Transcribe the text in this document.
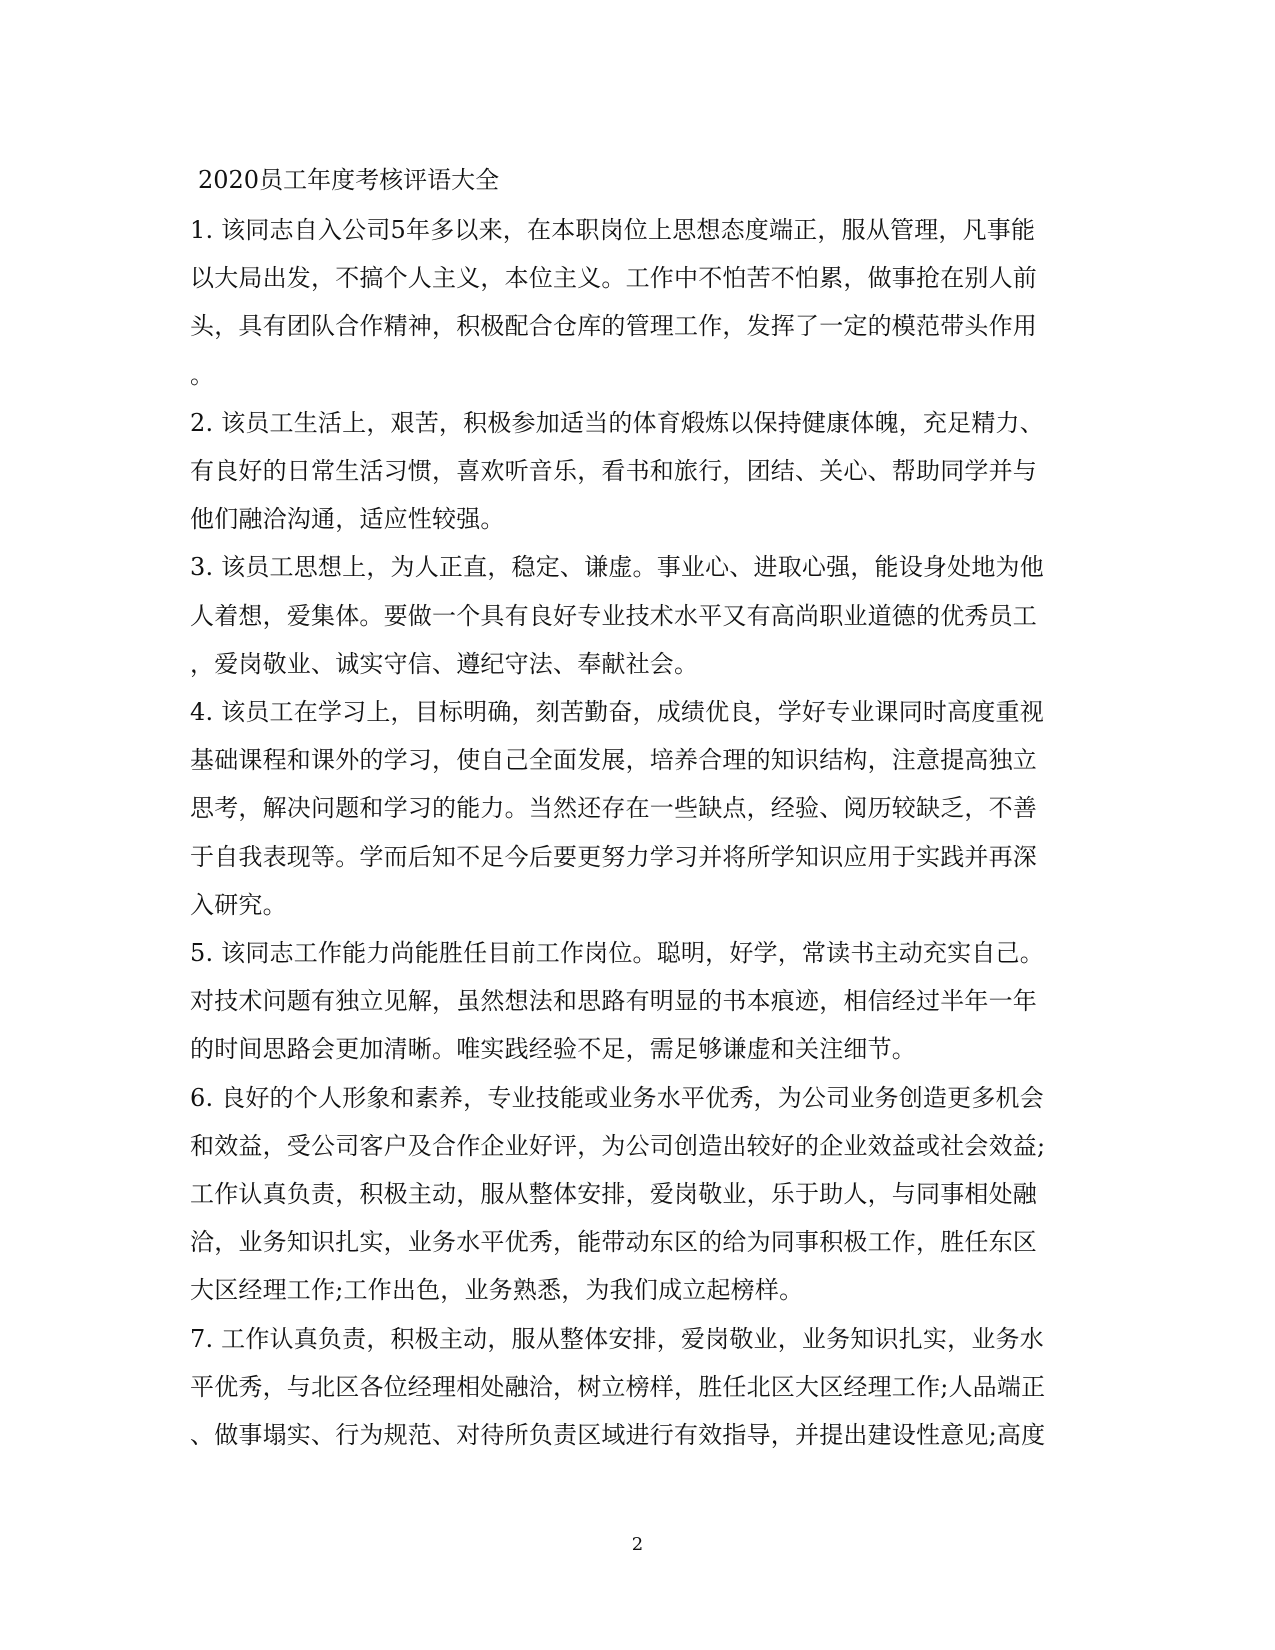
2020员工年度考核评语大全
1. 该同志自入公司5年多以来，在本职岗位上思想态度端正，服从管理，凡事能
以大局出发，不搞个人主义，本位主义。工作中不怕苦不怕累，做事抢在别人前
头，具有团队合作精神，积极配合仓库的管理工作，发挥了一定的模范带头作用
。
2. 该员工生活上，艰苦，积极参加适当的体育煅炼以保持健康体魄，充足精力、
有良好的日常生活习惯，喜欢听音乐，看书和旅行，团结、关心、帮助同学并与
他们融洽沟通，适应性较强。
3. 该员工思想上，为人正直，稳定、谦虚。事业心、进取心强，能设身处地为他
人着想，爱集体。要做一个具有良好专业技术水平又有高尚职业道德的优秀员工
，爱岗敬业、诚实守信、遵纪守法、奉献社会。
4. 该员工在学习上，目标明确，刻苦勤奋，成绩优良，学好专业课同时高度重视
基础课程和课外的学习，使自己全面发展，培养合理的知识结构，注意提高独立
思考，解决问题和学习的能力。当然还存在一些缺点，经验、阅历较缺乏，不善
于自我表现等。学而后知不足今后要更努力学习并将所学知识应用于实践并再深
入研究。
5. 该同志工作能力尚能胜任目前工作岗位。聪明，好学，常读书主动充实自己。
对技术问题有独立见解，虽然想法和思路有明显的书本痕迹，相信经过半年一年
的时间思路会更加清晰。唯实践经验不足，需足够谦虚和关注细节。
6. 良好的个人形象和素养，专业技能或业务水平优秀，为公司业务创造更多机会
和效益，受公司客户及合作企业好评，为公司创造出较好的企业效益或社会效益;
工作认真负责，积极主动，服从整体安排，爱岗敬业，乐于助人，与同事相处融
洽，业务知识扎实，业务水平优秀，能带动东区的给为同事积极工作，胜任东区
大区经理工作;工作出色，业务熟悉，为我们成立起榜样。
7. 工作认真负责，积极主动，服从整体安排，爱岗敬业，业务知识扎实，业务水
平优秀，与北区各位经理相处融洽，树立榜样，胜任北区大区经理工作;人品端正
、做事塌实、行为规范、对待所负责区域进行有效指导，并提出建设性意见;高度
2
